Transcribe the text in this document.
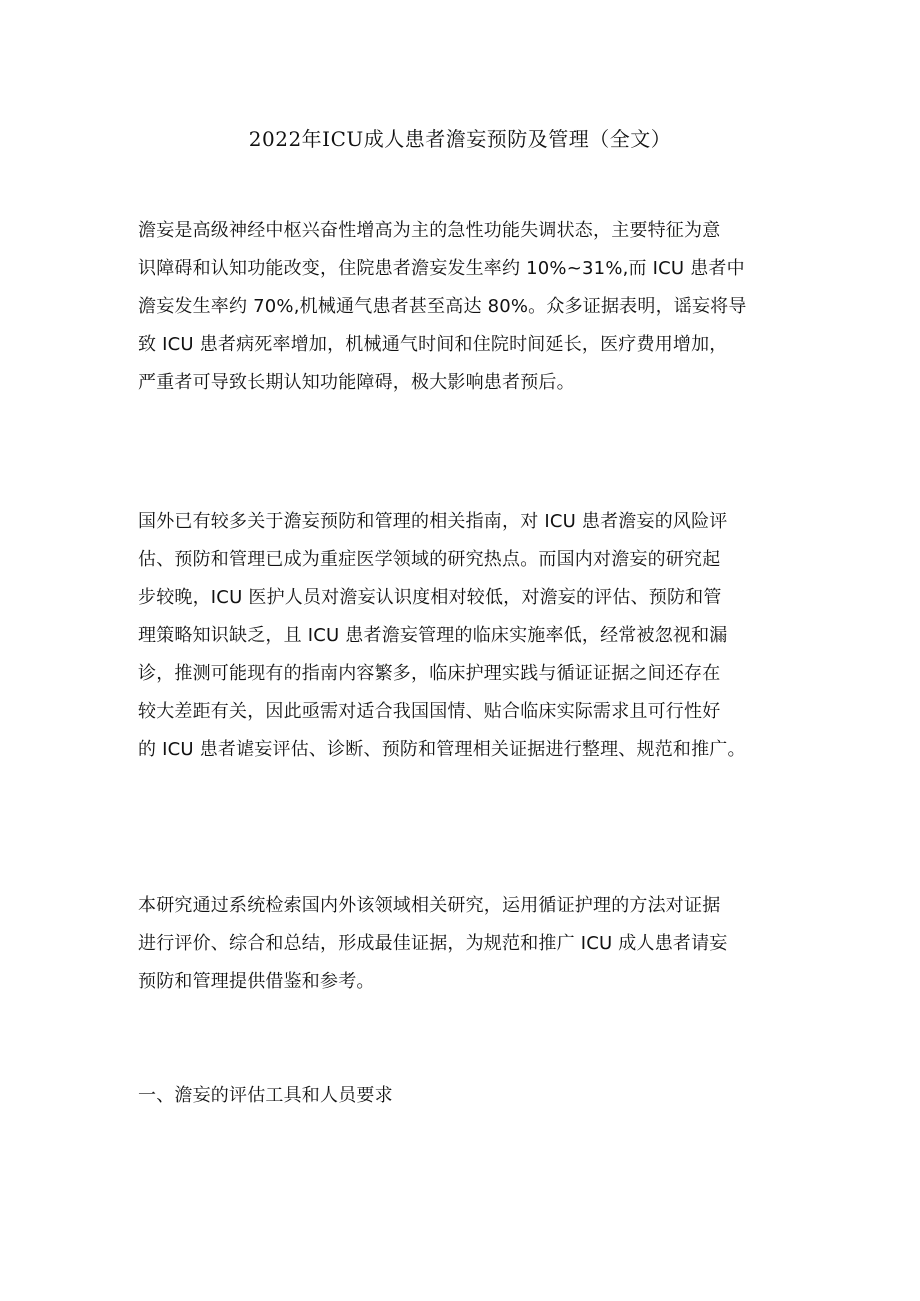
2022年ICU成人患者澹妄预防及管理（全文）
澹妄是高级神经中枢兴奋性增高为主的急性功能失调状态，主要特征为意
识障碍和认知功能改变，住院患者澹妄发生率约 10%~31%,而 ICU 患者中
澹妄发生率约 70%,机械通气患者甚至高达 80%。众多证据表明，谣妄将导
致 ICU 患者病死率增加，机械通气时间和住院时间延长，医疗费用增加，
严重者可导致长期认知功能障碍，极大影响患者预后。
国外已有较多关于澹妄预防和管理的相关指南，对 ICU 患者澹妄的风险评
估、预防和管理已成为重症医学领域的研究热点。而国内对澹妄的研究起
步较晚，ICU 医护人员对澹妄认识度相对较低，对澹妄的评估、预防和管
理策略知识缺乏，且 ICU 患者澹妄管理的临床实施率低，经常被忽视和漏
诊，推测可能现有的指南内容繁多，临床护理实践与循证证据之间还存在
较大差距有关，因此亟需对适合我国国情、贴合临床实际需求且可行性好
的 ICU 患者谑妄评估、诊断、预防和管理相关证据进行整理、规范和推广。
本研究通过系统检索国内外该领域相关研究，运用循证护理的方法对证据
进行评价、综合和总结，形成最佳证据，为规范和推广 ICU 成人患者请妄
预防和管理提供借鉴和参考。
一、澹妄的评估工具和人员要求
